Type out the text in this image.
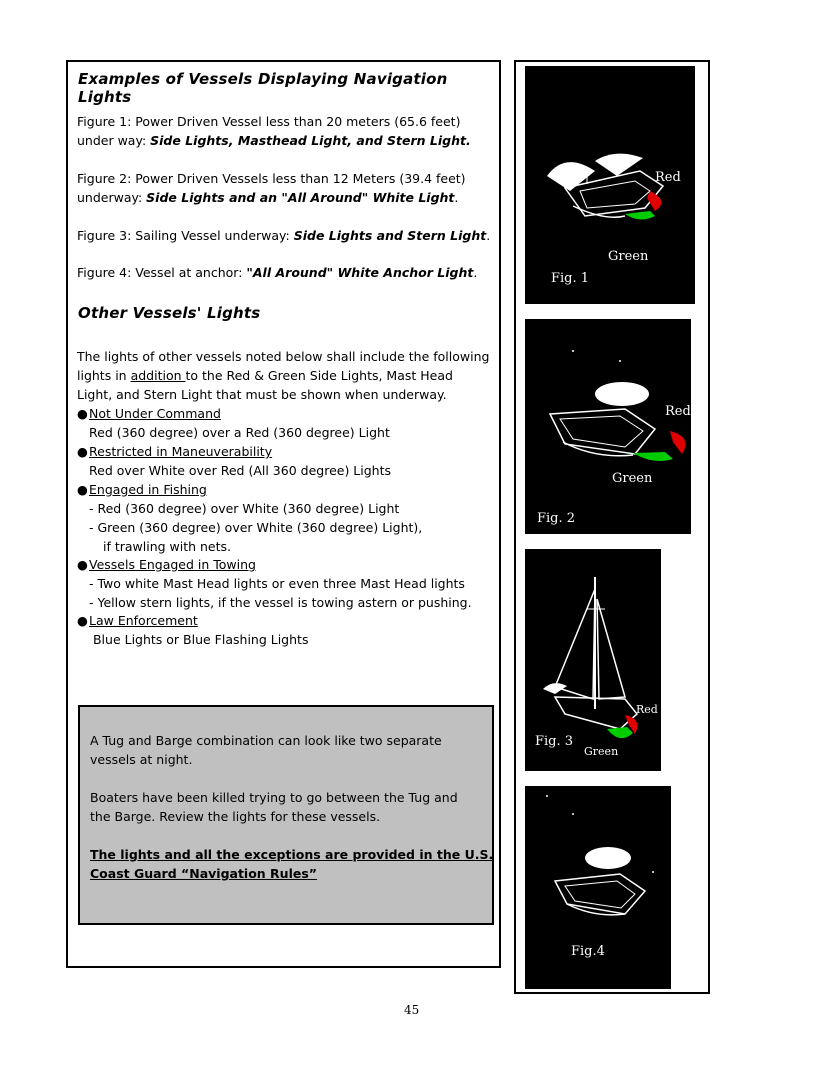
Examples of Vessels Displaying Navigation Lights
Figure 1: Power Driven Vessel less than 20 meters (65.6 feet)
under way: Side Lights, Masthead Light, and Stern Light.
Figure 2: Power Driven Vessels less than 12 Meters (39.4 feet)
underway: Side Lights and an "All Around" White Light.
Figure 3: Sailing Vessel underway: Side Lights and Stern Light.
Figure 4: Vessel at anchor: "All Around" White Anchor Light.
Other Vessels' Lights
The lights of other vessels noted below shall include the following
lights in addition to the Red & Green Side Lights, Mast Head
Light, and Stern Light that must be shown when underway.
●Not Under Command
Red (360 degree) over a Red (360 degree) Light
●Restricted in Maneuverability
Red over White over Red (All 360 degree) Lights
●Engaged in Fishing
- Red (360 degree) over White (360 degree) Light
- Green (360 degree) over White (360 degree) Light),
if trawling with nets.
●Vessels Engaged in Towing
- Two white Mast Head lights or even three Mast Head lights
- Yellow stern lights, if the vessel is towing astern or pushing.
●Law Enforcement
Blue Lights or Blue Flashing Lights
A Tug and Barge combination can look like two separate
vessels at night.
Boaters have been killed trying to go between the Tug and
the Barge. Review the lights for these vessels.
The lights and all the exceptions are provided in the U.S.
Coast Guard “Navigation Rules”
Red
Green
Fig. 1
Red
Green
Fig. 2
Red
Green
Fig. 3
Fig.4
45
